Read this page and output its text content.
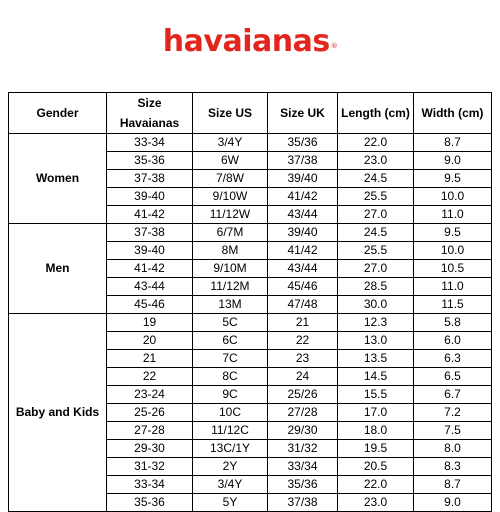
havaianas®
Gender	Size Havaianas	Size US	Size UK	Length (cm)	Width (cm)
Women	33-34	3/4Y	35/36	22.0	8.7
	35-36	6W	37/38	23.0	9.0
	37-38	7/8W	39/40	24.5	9.5
	39-40	9/10W	41/42	25.5	10.0
	41-42	11/12W	43/44	27.0	11.0
Men	37-38	6/7M	39/40	24.5	9.5
	39-40	8M	41/42	25.5	10.0
	41-42	9/10M	43/44	27.0	10.5
	43-44	11/12M	45/46	28.5	11.0
	45-46	13M	47/48	30.0	11.5
Baby and Kids	19	5C	21	12.3	5.8
	20	6C	22	13.0	6.0
	21	7C	23	13.5	6.3
	22	8C	24	14.5	6.5
	23-24	9C	25/26	15.5	6.7
	25-26	10C	27/28	17.0	7.2
	27-28	11/12C	29/30	18.0	7.5
	29-30	13C/1Y	31/32	19.5	8.0
	31-32	2Y	33/34	20.5	8.3
	33-34	3/4Y	35/36	22.0	8.7
	35-36	5Y	37/38	23.0	9.0
